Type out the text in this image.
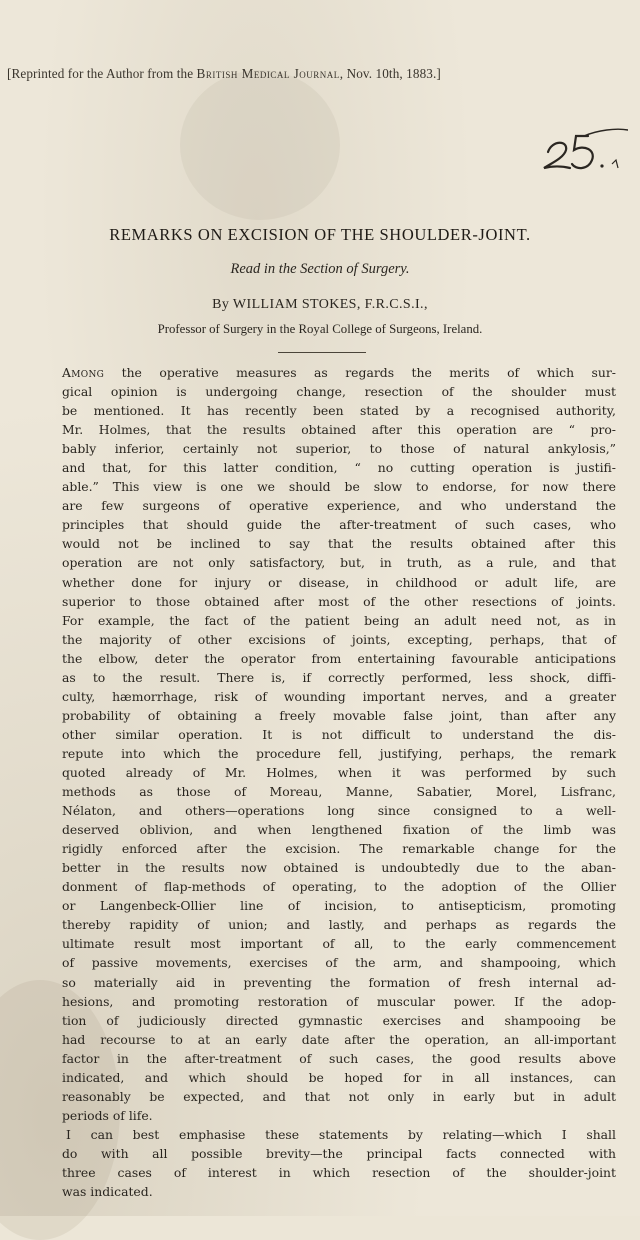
[Reprinted for the Author from the British Medical Journal, Nov. 10th, 1883.]
REMARKS ON EXCISION OF THE SHOULDER-JOINT.
Read in the Section of Surgery.
By WILLIAM STOKES, F.R.C.S.I.,
Professor of Surgery in the Royal College of Surgeons, Ireland.
Among the operative measures as regards the merits of which sur-
gical opinion is undergoing change, resection of the shoulder must
be mentioned. It has recently been stated by a recognised authority,
Mr. Holmes, that the results obtained after this operation are “ pro-
bably inferior, certainly not superior, to those of natural ankylosis,”
and that, for this latter condition, “ no cutting operation is justifi-
able.” This view is one we should be slow to endorse, for now there
are few surgeons of operative experience, and who understand the
principles that should guide the after-treatment of such cases, who
would not be inclined to say that the results obtained after this
operation are not only satisfactory, but, in truth, as a rule, and that
whether done for injury or disease, in childhood or adult life, are
superior to those obtained after most of the other resections of joints.
For example, the fact of the patient being an adult need not, as in
the majority of other excisions of joints, excepting, perhaps, that of
the elbow, deter the operator from entertaining favourable anticipations
as to the result. There is, if correctly performed, less shock, diffi-
culty, hæmorrhage, risk of wounding important nerves, and a greater
probability of obtaining a freely movable false joint, than after any
other similar operation. It is not difficult to understand the dis-
repute into which the procedure fell, justifying, perhaps, the remark
quoted already of Mr. Holmes, when it was performed by such
methods as those of Moreau, Manne, Sabatier, Morel, Lisfranc,
Nélaton, and others—operations long since consigned to a well-
deserved oblivion, and when lengthened fixation of the limb was
rigidly enforced after the excision. The remarkable change for the
better in the results now obtained is undoubtedly due to the aban-
donment of flap-methods of operating, to the adoption of the Ollier
or Langenbeck-Ollier line of incision, to antisepticism, promoting
thereby rapidity of union; and lastly, and perhaps as regards the
ultimate result most important of all, to the early commencement
of passive movements, exercises of the arm, and shampooing, which
so materially aid in preventing the formation of fresh internal ad-
hesions, and promoting restoration of muscular power. If the adop-
tion of judiciously directed gymnastic exercises and shampooing be
had recourse to at an early date after the operation, an all-important
factor in the after-treatment of such cases, the good results above
indicated, and which should be hoped for in all instances, can
reasonably be expected, and that not only in early but in adult
periods of life.
I can best emphasise these statements by relating—which I shall
do with all possible brevity—the principal facts connected with
three cases of interest in which resection of the shoulder-joint
was indicated.
